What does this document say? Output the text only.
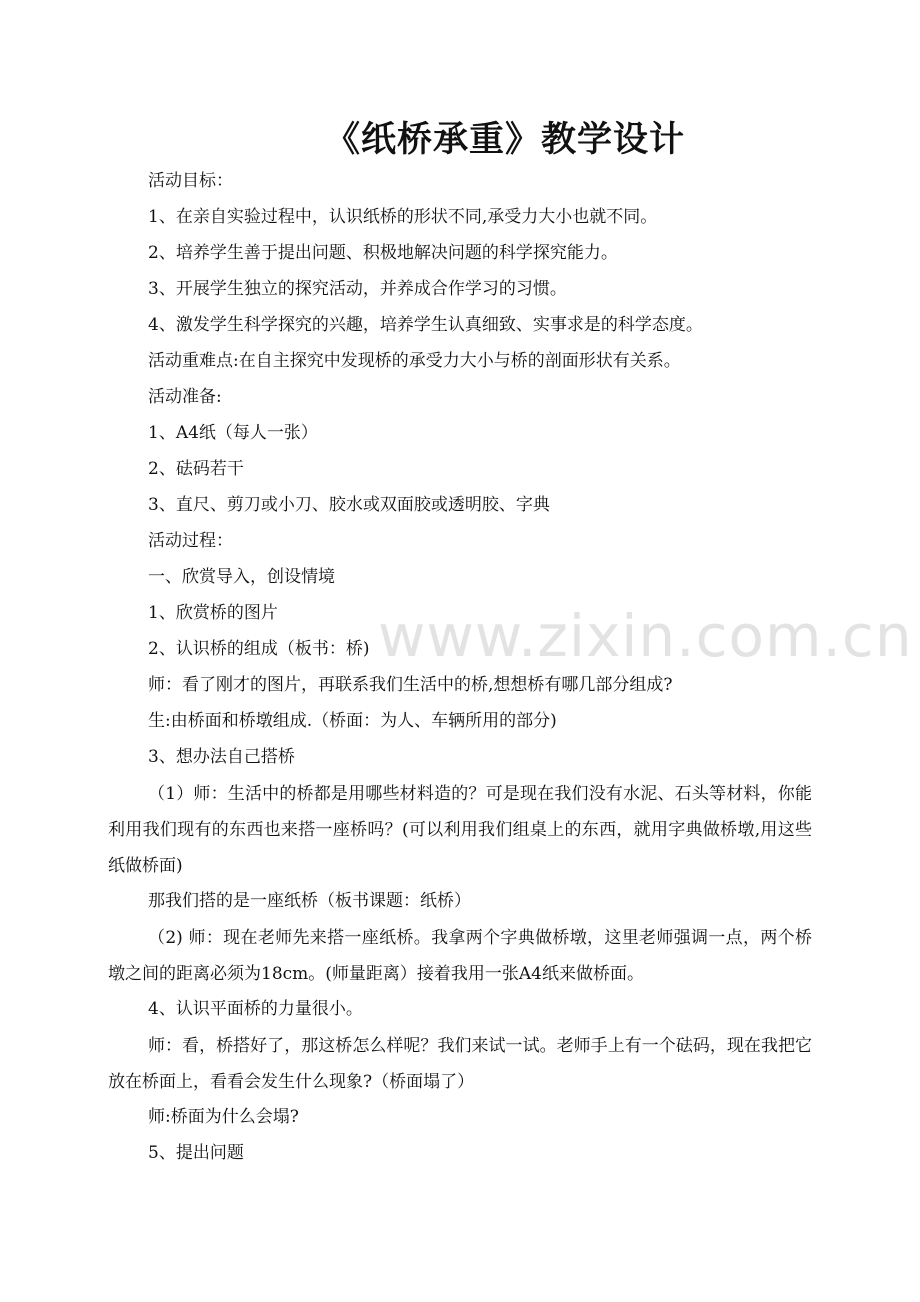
www.zixin.com.cn
《纸桥承重》教学设计
活动目标：
1、在亲自实验过程中，认识纸桥的形状不同,承受力大小也就不同。
2、培养学生善于提出问题、积极地解决问题的科学探究能力。
3、开展学生独立的探究活动，并养成合作学习的习惯。
4、激发学生科学探究的兴趣，培养学生认真细致、实事求是的科学态度。
活动重难点:在自主探究中发现桥的承受力大小与桥的剖面形状有关系。
活动准备:
1、A4纸（每人一张）
2、砝码若干
3、直尺、剪刀或小刀、胶水或双面胶或透明胶、字典
活动过程：
一、欣赏导入，创设情境
1、欣赏桥的图片
2、认识桥的组成（板书：桥)
师：看了刚才的图片，再联系我们生活中的桥,想想桥有哪几部分组成?
生:由桥面和桥墩组成.（桥面：为人、车辆所用的部分)
3、想办法自己搭桥
（1）师：生活中的桥都是用哪些材料造的？可是现在我们没有水泥、石头等材料，你能利用我们现有的东西也来搭一座桥吗？(可以利用我们组桌上的东西，就用字典做桥墩,用这些纸做桥面)
那我们搭的是一座纸桥（板书课题：纸桥）
（2) 师：现在老师先来搭一座纸桥。我拿两个字典做桥墩，这里老师强调一点，两个桥墩之间的距离必须为18cm。(师量距离）接着我用一张A4纸来做桥面。
4、认识平面桥的力量很小。
师：看，桥搭好了，那这桥怎么样呢？我们来试一试。老师手上有一个砝码，现在我把它放在桥面上，看看会发生什么现象?（桥面塌了）
师:桥面为什么会塌?
5、提出问题
